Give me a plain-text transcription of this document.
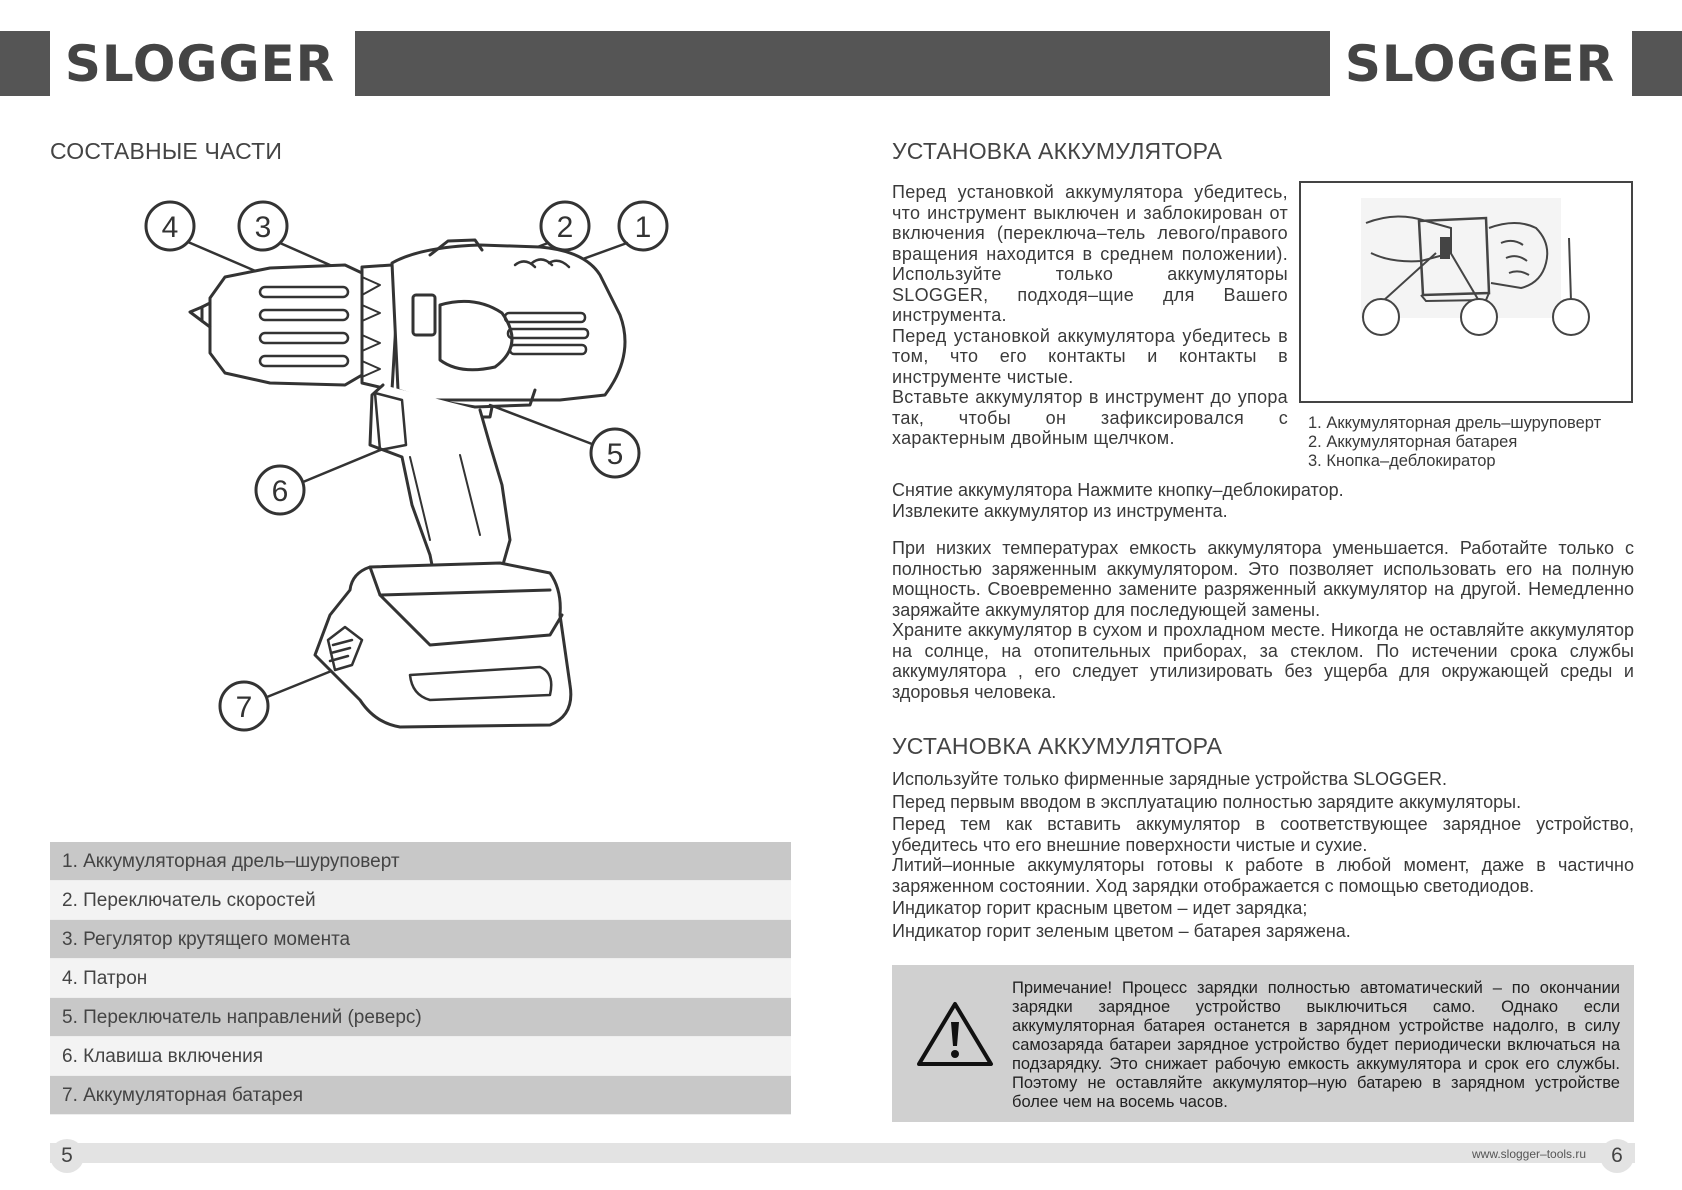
SLOGGER	SLOGGER
СОСТАВНЫЕ ЧАСТИ
4	3	2 1
5
6
7
1. Аккумуляторная дрель–шуруповерт
2. Переключатель скоростей
3. Регулятор крутящего момента
4. Патрон
5. Переключатель направлений (реверс)
6. Клавиша включения
7. Аккумуляторная батарея
УСТАНОВКА АККУМУЛЯТОРА

Перед установкой аккумулятора убедитесь, что инструмент выключен и заблокирован от включения (переключа–тель левого/правого вращения находится в среднем положении). Используйте только аккумуляторы SLOGGER, подходя–щие для Вашего инструмента.

Перед установкой аккумулятора убедитесь в том, что его контакты и контакты в инструменте чистые.

Вставьте аккумулятор в инструмент до упора так, чтобы он зафиксировался с характерным двойным щелчком.

1. Аккумуляторная дрель–шуруповерт
2. Аккумуляторная батарея
3. Кнопка–деблокиратор

Снятие аккумулятора Нажмите кнопку–деблокиратор.

Извлеките аккумулятор из инструмента.

При низких температурах емкость аккумулятора уменьшается. Работайте только с полностью заряженным аккумулятором. Это позволяет использовать его на полную мощность. Своевременно замените разряженный аккумулятор на другой. Немедленно заряжайте аккумулятор для последующей замены.

Храните аккумулятор в сухом и прохладном месте. Никогда не оставляйте аккумулятор на солнце, на отопительных приборах, за стеклом. По истечении срока службы аккумулятора , его следует утилизировать без ущерба для окружающей среды и здоровья человека.

УСТАНОВКА АККУМУЛЯТОРА

Используйте только фирменные зарядные устройства SLOGGER.

Перед первым вводом в эксплуатацию полностью зарядите аккумуляторы.

Перед тем как вставить аккумулятор в соответствующее зарядное устройство, убедитесь что его внешние поверхности чистые и сухие.

Литий–ионные аккумуляторы готовы к работе в любой момент, даже в частично заряженном состоянии. Ход зарядки отображается с помощью светодиодов.

Индикатор горит красным цветом – идет зарядка;

Индикатор горит зеленым цветом – батарея заряжена.

Примечание! Процесс зарядки полностью автоматический – по окончании зарядки зарядное устройство выключиться само. Однако если аккумуляторная батарея останется в зарядном устройстве надолго, в силу самозаряда батареи зарядное устройство будет периодически включаться на подзарядку. Это снижает рабочую емкость аккумулятора и срок его службы. Поэтому не оставляйте аккумулятор–ную батарею в зарядном устройстве более чем на восемь часов.
5	www.slogger–tools.ru	6
